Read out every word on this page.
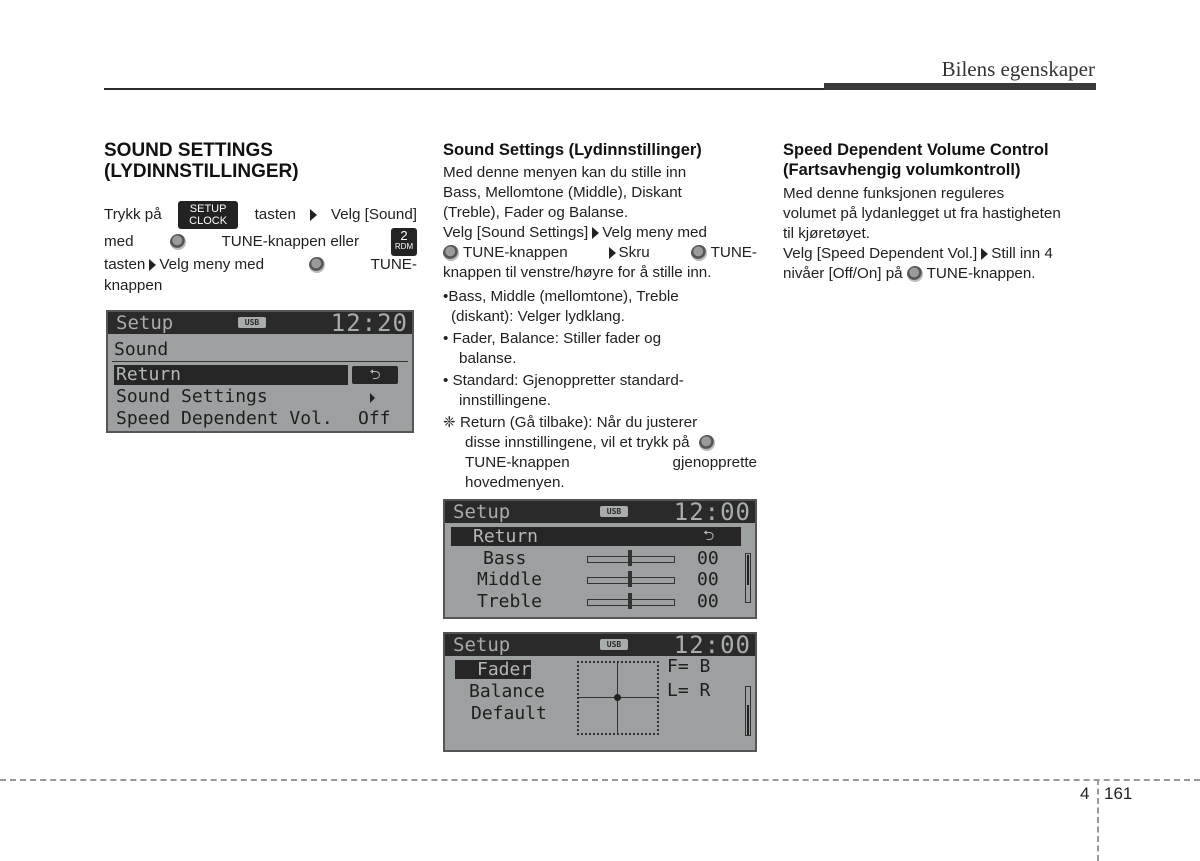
Bilens egenskaper
SOUND SETTINGS
(LYDINNSTILLINGER)
Trykk på	SETUP
CLOCK	tasten Velg [Sound]
med	TUNE-knappen eller	2
RDM
tasten Velg meny med	TUNE-
knappen
Setup	USB	12:20
Sound
Return	⮌
Sound Settings
Speed Dependent Vol. Off
Sound Settings (Lydinnstillinger)
Med denne menyen kan du stille inn
Bass, Mellomtone (Middle), Diskant
(Treble), Fader og Balanse.
Velg [Sound Settings] Velg meny med
TUNE-knappen	Skru	TUNE-
knappen til venstre/høyre for å stille inn.
•Bass, Middle (mellomtone), Treble
(diskant): Velger lydklang.
• Fader, Balance: Stiller fader og
balanse.
• Standard: Gjenoppretter standard-
innstillingene.
❈ Return (Gå tilbake): Når du justerer
disse innstillingene, vil et trykk på
TUNE-knappen	gjenopprette
hovedmenyen.
Setup	USB 12:00
Return	⮌
Bass	00
Middle	00
Treble	00
Setup	USB 12:00
Fader
Balance
Default
F= B
L= R
Speed Dependent Volume Control
(Fartsavhengig volumkontroll)
Med denne funksjonen reguleres
volumet på lydanlegget ut fra hastigheten
til kjøretøyet.
Velg [Speed Dependent Vol.] Still inn 4
nivåer [Off/On] på TUNE-knappen.
4 161
